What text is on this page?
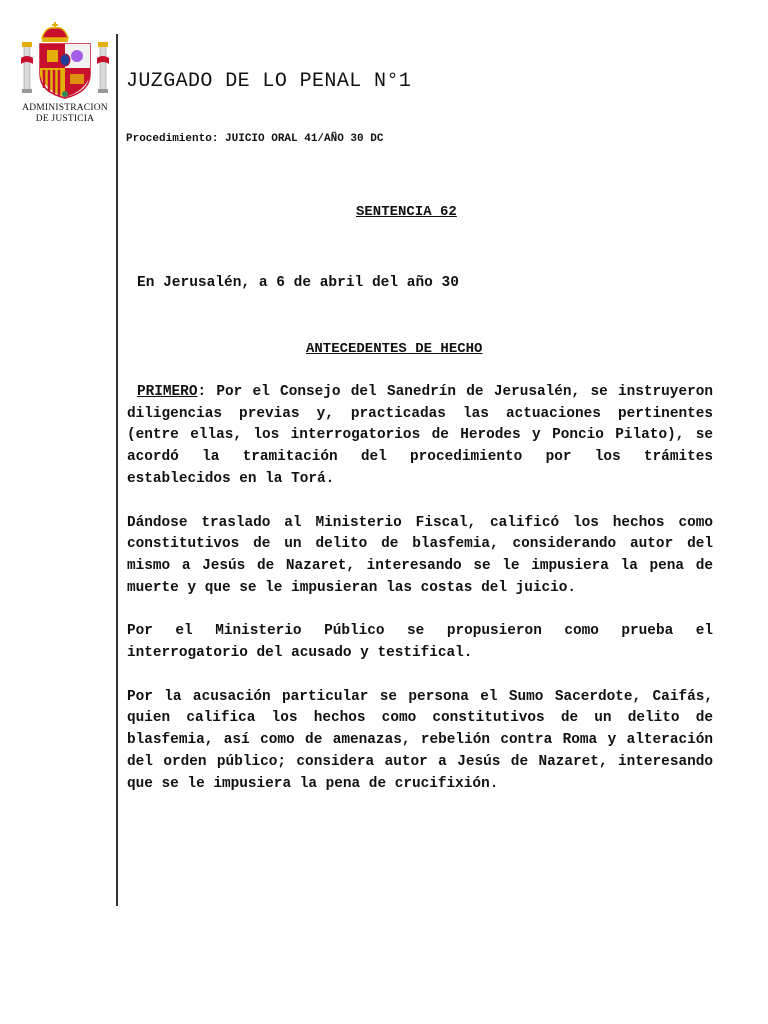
ADMINISTRACION
DE JUSTICIA
JUZGADO DE LO PENAL N°1
Procedimiento: JUICIO ORAL 41/AÑO 30 DC
SENTENCIA 62
En Jerusalén, a 6 de abril del año 30
ANTECEDENTES DE HECHO

PRIMERO: Por el Consejo del Sanedrín de Jerusalén, se instruyeron diligencias previas y, practicadas las actuaciones pertinentes (entre ellas, los interrogatorios de Herodes y Poncio Pilato), se acordó la tramitación del procedimiento por los trámites establecidos en la Torá.

Dándose traslado al Ministerio Fiscal, calificó los hechos como constitutivos de un delito de blasfemia, considerando autor del mismo a Jesús de Nazaret, interesando se le impusiera la pena de muerte y que se le impusieran las costas del juicio.

Por el Ministerio Público se propusieron como prueba el interrogatorio del acusado y testifical.

Por la acusación particular se persona el Sumo Sacerdote, Caifás, quien califica los hechos como constitutivos de un delito de blasfemia, así como de amenazas, rebelión contra Roma y alteración del orden público; considera autor a Jesús de Nazaret, interesando que se le impusiera la pena de crucifixión.
